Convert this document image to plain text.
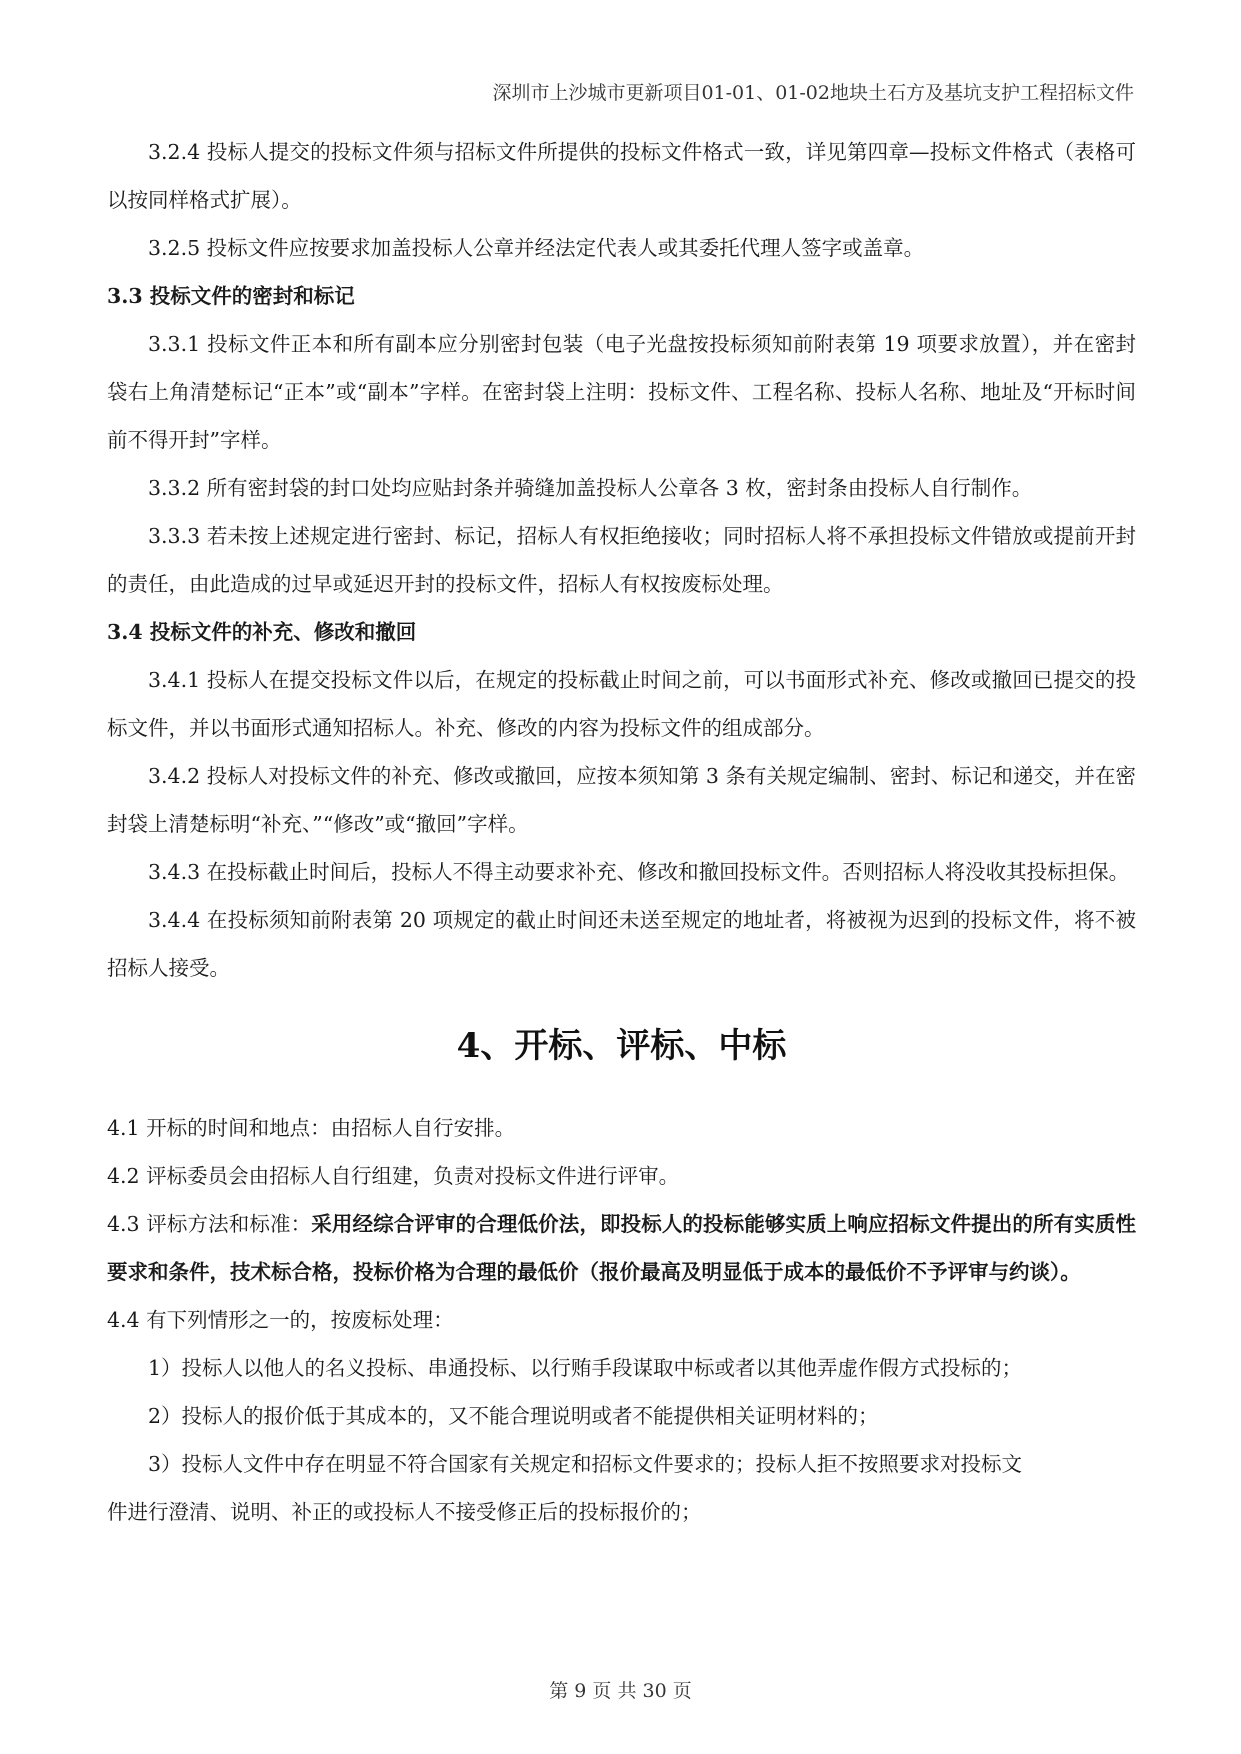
深圳市上沙城市更新项目01-01、01-02地块土石方及基坑支护工程招标文件

3.2.4 投标人提交的投标文件须与招标文件所提供的投标文件格式一致，详见第四章—投标文件格式（表格可以按同样格式扩展）。

3.2.5 投标文件应按要求加盖投标人公章并经法定代表人或其委托代理人签字或盖章。

3.3 投标文件的密封和标记

3.3.1 投标文件正本和所有副本应分别密封包装（电子光盘按投标须知前附表第 19 项要求放置），并在密封袋右上角清楚标记“正本”或“副本”字样。在密封袋上注明：投标文件、工程名称、投标人名称、地址及“开标时间前不得开封”字样。

3.3.2 所有密封袋的封口处均应贴封条并骑缝加盖投标人公章各 3 枚，密封条由投标人自行制作。

3.3.3 若未按上述规定进行密封、标记，招标人有权拒绝接收；同时招标人将不承担投标文件错放或提前开封的责任，由此造成的过早或延迟开封的投标文件，招标人有权按废标处理。

3.4 投标文件的补充、修改和撤回

3.4.1 投标人在提交投标文件以后，在规定的投标截止时间之前，可以书面形式补充、修改或撤回已提交的投标文件，并以书面形式通知招标人。补充、修改的内容为投标文件的组成部分。

3.4.2 投标人对投标文件的补充、修改或撤回，应按本须知第 3 条有关规定编制、密封、标记和递交，并在密封袋上清楚标明“补充、”“修改”或“撤回”字样。

3.4.3 在投标截止时间后，投标人不得主动要求补充、修改和撤回投标文件。否则招标人将没收其投标担保。

3.4.4 在投标须知前附表第 20 项规定的截止时间还未送至规定的地址者，将被视为迟到的投标文件，将不被招标人接受。

4、开标、评标、中标

4.1 开标的时间和地点：由招标人自行安排。

4.2 评标委员会由招标人自行组建，负责对投标文件进行评审。

4.3 评标方法和标准：采用经综合评审的合理低价法，即投标人的投标能够实质上响应招标文件提出的所有实质性要求和条件，技术标合格，投标价格为合理的最低价（报价最高及明显低于成本的最低价不予评审与约谈）。

4.4 有下列情形之一的，按废标处理：

1）投标人以他人的名义投标、串通投标、以行贿手段谋取中标或者以其他弄虚作假方式投标的；

2）投标人的报价低于其成本的，又不能合理说明或者不能提供相关证明材料的；

3）投标人文件中存在明显不符合国家有关规定和招标文件要求的；投标人拒不按照要求对投标文

件进行澄清、说明、补正的或投标人不接受修正后的投标报价的；

第 9 页 共 30 页
